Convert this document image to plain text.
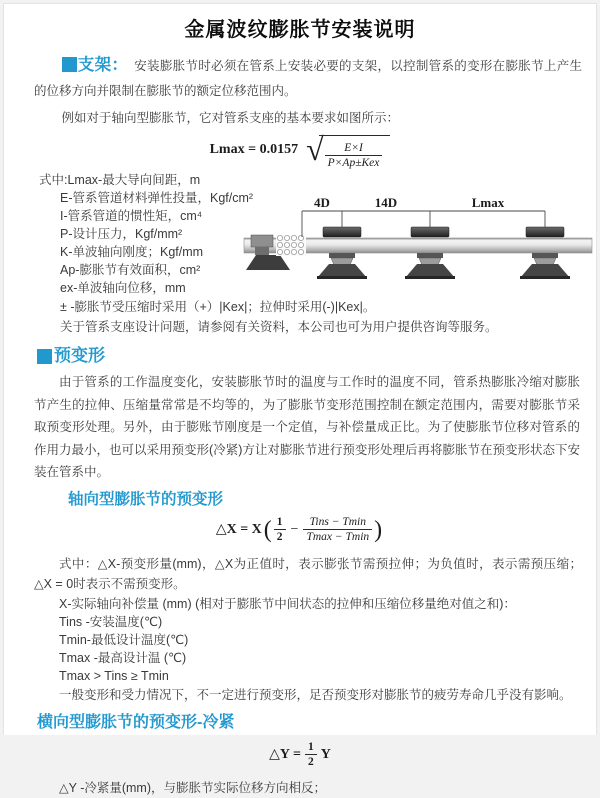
金属波纹膨胀节安装说明

支架： 安装膨胀节时必须在管系上安装必要的支架，以控制管系的变形在膨胀节上产生的位移方向并限制在膨胀节的额定位移范围内。

例如对于轴向型膨胀节，它对管系支座的基本要求如图所示：

Lmax = 0.0157 √ $\frac{E\times I}{\text{P×Ap±Kex}}$

式中:Lmax-最大导向间距，m

E-管系管道材料弹性投量，Kgf/cm²

I-管系管道的惯性矩，cm⁴

P-设计压力，Kgf/mm²

K-单波轴向刚度；Kgf/mm

Ap-膨胀节有效面积，cm²

ex-单波轴向位移，mm

± -膨胀节受压缩时采用（+）|Kex|；拉伸时采用(-)|Kex|。

关于管系支座设计问题，请参阅有关资料，本公司也可为用户提供咨询等服务。

4D	14D	Lmax
预变形

由于管系的工作温度变化，安装膨胀节时的温度与工作时的温度不同，管系热膨胀冷缩对膨胀节产生的拉伸、压缩量常常是不均等的，为了膨胀节变形范围控制在额定范围内，需要对膨胀节采取预变形处理。另外，由于膨账节刚度是一个定值，与补偿量成正比。为了使膨胀节位移对管系的作用力最小，也可以采用预变形(冷紧)方让对膨胀节进行预变形处理后再将膨胀节在预变形状态下安装在管系中。

轴向型膨胀节的预变形
△X = X ( $\frac{1}{2} - \frac{\text{Tins − Tmin}}{Tmax - Tmin}$ )

式中：△X-预变形量(mm)，△X为正值时，表示膨张节需预拉伸；为负值时，表示需预压缩；△X = 0时表示不需预变形。

X-实际轴向补偿量 (mm) (相对于膨胀节中间状态的拉伸和压缩位移量绝对值之和)：

Tins -安装温度(℃)

Tmin-最低设计温度(℃)

Tmax -最高设计温 (℃)

Tmax > Tins ≥ Tmin

一般变形和受力情况下，不一定进行预变形，足否预变形对膨胀节的疲劳寿命几乎没有影响。

横向型膨胀节的预变形-冷紧
△Y = $\frac{1}{2}$ Y

△Y -冷紧量(mm)，与膨胀节实际位移方向相反；
